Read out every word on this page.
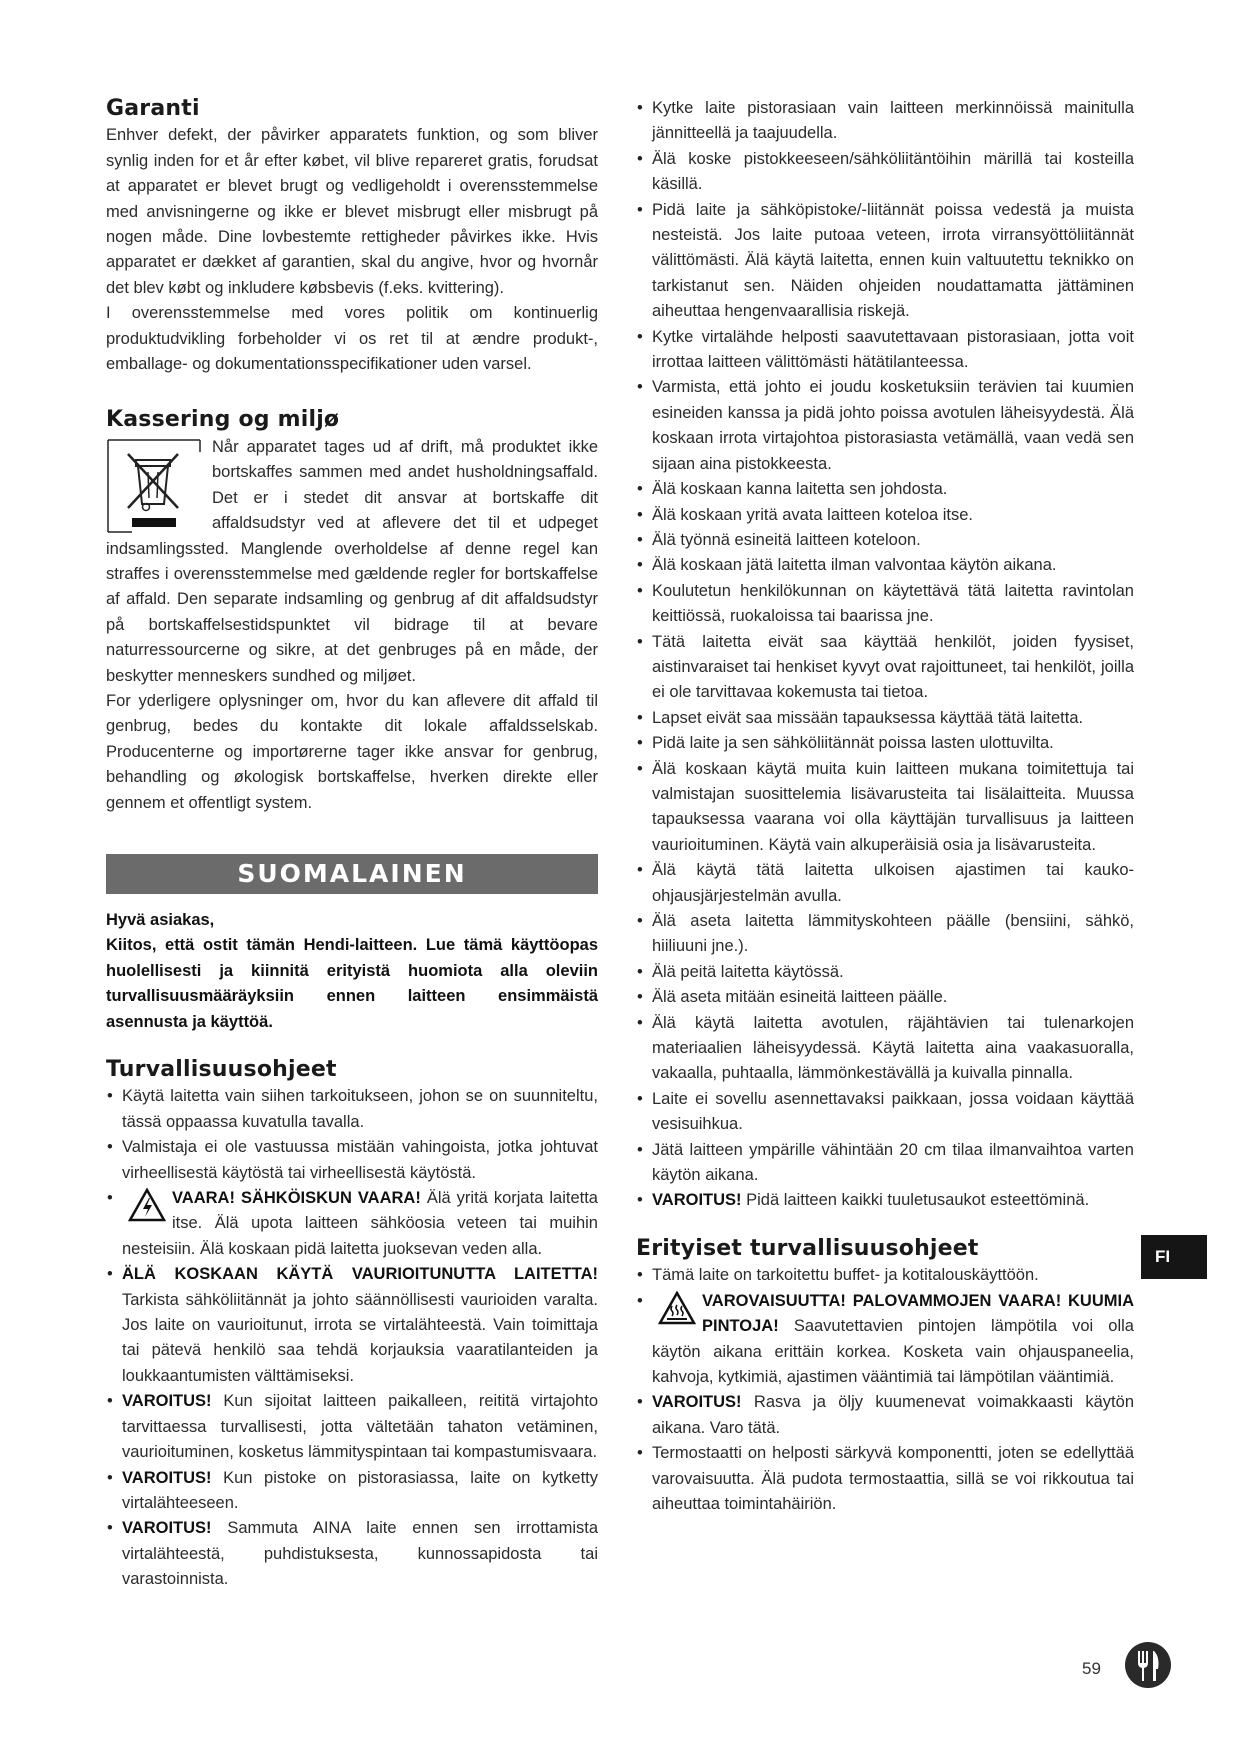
Garanti

Enhver defekt, der påvirker apparatets funktion, og som bliver synlig inden for et år efter købet, vil blive repareret gratis, forudsat at apparatet er blevet brugt og vedligeholdt i overensstemmelse med anvisningerne og ikke er blevet misbrugt eller misbrugt på nogen måde. Dine lovbestemte rettigheder påvirkes ikke. Hvis apparatet er dækket af garantien, skal du angive, hvor og hvornår det blev købt og inkludere købsbevis (f.eks. kvittering).

I overensstemmelse med vores politik om kontinuerlig produktudvikling forbeholder vi os ret til at ændre produkt-, emballage- og dokumentationsspecifikationer uden varsel.

Kassering og miljø

Når apparatet tages ud af drift, må produktet ikke bortskaffes sammen med andet husholdningsaffald. Det er i stedet dit ansvar at bortskaffe dit affaldsudstyr ved at aflevere det til et udpeget indsamlingssted. Manglende overholdelse af denne regel kan straffes i overensstemmelse med gældende regler for bortskaffelse af affald. Den separate indsamling og genbrug af dit affaldsudstyr på bortskaffelsestidspunktet vil bidrage til at bevare naturressourcerne og sikre, at det genbruges på en måde, der beskytter menneskers sundhed og miljøet.

For yderligere oplysninger om, hvor du kan aflevere dit affald til genbrug, bedes du kontakte dit lokale affaldsselskab. Producenterne og importørerne tager ikke ansvar for genbrug, behandling og økologisk bortskaffelse, hverken direkte eller gennem et offentligt system.

SUOMALAINEN

Hyvä asiakas,

Kiitos, että ostit tämän Hendi-laitteen. Lue tämä käyttöopas huolellisesti ja kiinnitä erityistä huomiota alla oleviin turvallisuusmääräyksiin ennen laitteen ensimmäistä asennusta ja käyttöä.

Turvallisuusohjeet
• Käytä laitetta vain siihen tarkoitukseen, johon se on suunniteltu, tässä oppaassa kuvatulla tavalla.
• Valmistaja ei ole vastuussa mistään vahingoista, jotka johtuvat virheellisestä käytöstä tai virheellisestä käytöstä.
• VAARA! SÄHKÖISKUN VAARA! Älä yritä korjata laitetta itse. Älä upota laitteen sähköosia veteen tai muihin nesteisiin. Älä koskaan pidä laitetta juoksevan veden alla.
• ÄLÄ KOSKAAN KÄYTÄ VAURIOITUNUTTA LAITETTA! Tarkista sähköliitännät ja johto säännöllisesti vaurioiden varalta. Jos laite on vaurioitunut, irrota se virtalähteestä. Vain toimittaja tai pätevä henkilö saa tehdä korjauksia vaaratilanteiden ja loukkaantumisten välttämiseksi.
• VAROITUS! Kun sijoitat laitteen paikalleen, reititä virtajohto tarvittaessa turvallisesti, jotta vältetään tahaton vetäminen, vaurioituminen, kosketus lämmityspintaan tai kompastumisvaara.
• VAROITUS! Kun pistoke on pistorasiassa, laite on kytketty virtalähteeseen.
• VAROITUS! Sammuta AINA laite ennen sen irrottamista virtalähteestä, puhdistuksesta, kunnossapidosta tai varastoinnista.
• Kytke laite pistorasiaan vain laitteen merkinnöissä mainitulla jännitteellä ja taajuudella.
• Älä koske pistokkeeseen/sähköliitäntöihin märillä tai kosteilla käsillä.
• Pidä laite ja sähköpistoke/-liitännät poissa vedestä ja muista nesteistä. Jos laite putoaa veteen, irrota virransyöttöliitännät välittömästi. Älä käytä laitetta, ennen kuin valtuutettu teknikko on tarkistanut sen. Näiden ohjeiden noudattamatta jättäminen aiheuttaa hengenvaarallisia riskejä.
• Kytke virtalähde helposti saavutettavaan pistorasiaan, jotta voit irrottaa laitteen välittömästi hätätilanteessa.
• Varmista, että johto ei joudu kosketuksiin terävien tai kuumien esineiden kanssa ja pidä johto poissa avotulen läheisyydestä. Älä koskaan irrota virtajohtoa pistorasiasta vetämällä, vaan vedä sen sijaan aina pistokkeesta.
• Älä koskaan kanna laitetta sen johdosta.
• Älä koskaan yritä avata laitteen koteloa itse.
• Älä työnnä esineitä laitteen koteloon.
• Älä koskaan jätä laitetta ilman valvontaa käytön aikana.
• Koulutetun henkilökunnan on käytettävä tätä laitetta ravintolan keittiössä, ruokaloissa tai baarissa jne.
• Tätä laitetta eivät saa käyttää henkilöt, joiden fyysiset, aistinvaraiset tai henkiset kyvyt ovat rajoittuneet, tai henkilöt, joilla ei ole tarvittavaa kokemusta tai tietoa.
• Lapset eivät saa missään tapauksessa käyttää tätä laitetta.
• Pidä laite ja sen sähköliitännät poissa lasten ulottuvilta.
• Älä koskaan käytä muita kuin laitteen mukana toimitettuja tai valmistajan suosittelemia lisävarusteita tai lisälaitteita. Muussa tapauksessa vaarana voi olla käyttäjän turvallisuus ja laitteen vaurioituminen. Käytä vain alkuperäisiä osia ja lisävarusteita.
• Älä käytä tätä laitetta ulkoisen ajastimen tai kauko-ohjausjärjestelmän avulla.
• Älä aseta laitetta lämmityskohteen päälle (bensiini, sähkö, hiiliuuni jne.).
• Älä peitä laitetta käytössä.
• Älä aseta mitään esineitä laitteen päälle.
• Älä käytä laitetta avotulen, räjähtävien tai tulenarkojen materiaalien läheisyydessä. Käytä laitetta aina vaakasuoralla, vakaalla, puhtaalla, lämmönkestävällä ja kuivalla pinnalla.
• Laite ei sovellu asennettavaksi paikkaan, jossa voidaan käyttää vesisuihkua.
• Jätä laitteen ympärille vähintään 20 cm tilaa ilmanvaihtoa varten käytön aikana.
• VAROITUS! Pidä laitteen kaikki tuuletusaukot esteettöminä.
Erityiset turvallisuusohjeet
• Tämä laite on tarkoitettu buffet- ja kotitalouskäyttöön.
• VAROVAISUUTTA! PALOVAMMOJEN VAARA! KUUMIA PINTOJA! Saavutettavien pintojen lämpötila voi olla käytön aikana erittäin korkea. Kosketa vain ohjauspaneelia, kahvoja, kytkimiä, ajastimen vääntimiä tai lämpötilan vääntimiä.
• VAROITUS! Rasva ja öljy kuumenevat voimakkaasti käytön aikana. Varo tätä.
• Termostaatti on helposti särkyvä komponentti, joten se edellyttää varovaisuutta. Älä pudota termostaattia, sillä se voi rikkoutua tai aiheuttaa toimintahäiriön.
FI
59
